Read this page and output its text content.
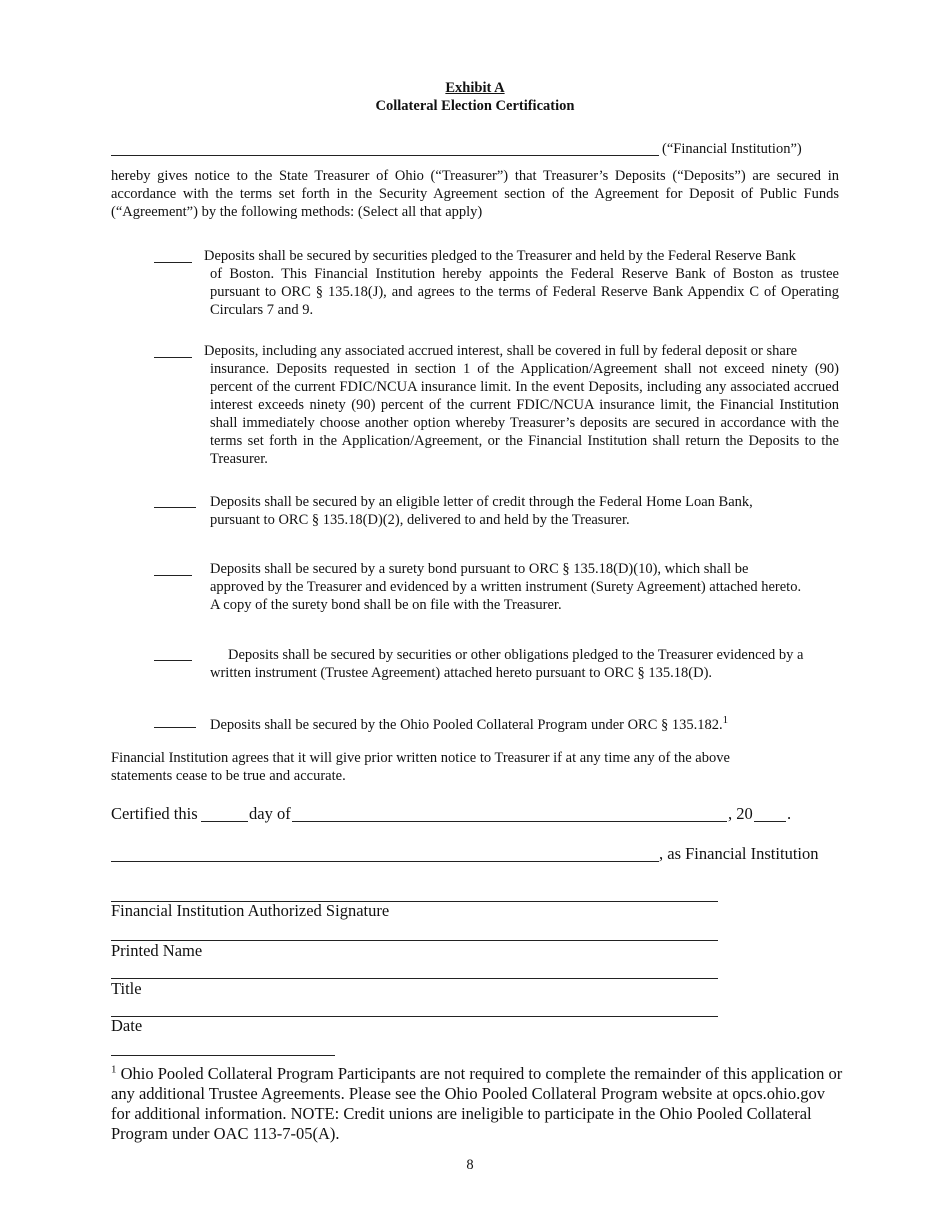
Exhibit A
Collateral Election Certification
(“Financial Institution”)
hereby gives notice to the State Treasurer of Ohio (“Treasurer”) that Treasurer’s Deposits (“Deposits”) are secured in accordance with the terms set forth in the Security Agreement section of the Agreement for Deposit of Public Funds (“Agreement”) by the following methods: (Select all that apply)
Deposits shall be secured by securities pledged to the Treasurer and held by the Federal Reserve Bank
of Boston. This Financial Institution hereby appoints the Federal Reserve Bank of Boston as trustee pursuant to ORC § 135.18(J), and agrees to the terms of Federal Reserve Bank Appendix C of Operating Circulars 7 and 9.
Deposits, including any associated accrued interest, shall be covered in full by federal deposit or share
insurance. Deposits requested in section 1 of the Application/Agreement shall not exceed ninety (90) percent of the current FDIC/NCUA insurance limit. In the event Deposits, including any associated accrued interest exceeds ninety (90) percent of the current FDIC/NCUA insurance limit, the Financial Institution shall immediately choose another option whereby Treasurer’s deposits are secured in accordance with the terms set forth in the Application/Agreement, or the Financial Institution shall return the Deposits to the Treasurer.
Deposits shall be secured by an eligible letter of credit through the Federal Home Loan Bank,
pursuant to ORC § 135.18(D)(2), delivered to and held by the Treasurer.
Deposits shall be secured by a surety bond pursuant to ORC § 135.18(D)(10), which shall be
approved by the Treasurer and evidenced by a written instrument (Surety Agreement) attached hereto. A copy of the surety bond shall be on file with the Treasurer.
Deposits shall be secured by securities or other obligations pledged to the Treasurer evidenced by a
written instrument (Trustee Agreement) attached hereto pursuant to ORC § 135.18(D).
Deposits shall be secured by the Ohio Pooled Collateral Program under ORC § 135.182.$^1$
Financial Institution agrees that it will give prior written notice to Treasurer if at any time any of the above statements cease to be true and accurate.
Certified this	day of	, 20 .
, as Financial Institution
Financial Institution Authorized Signature
Printed Name
Title
Date
$^1$ Ohio Pooled Collateral Program Participants are not required to complete the remainder of this application or any additional Trustee Agreements. Please see the Ohio Pooled Collateral Program website at opcs.ohio.gov for additional information. NOTE: Credit unions are ineligible to participate in the Ohio Pooled Collateral Program under OAC 113-7-05(A).
8
